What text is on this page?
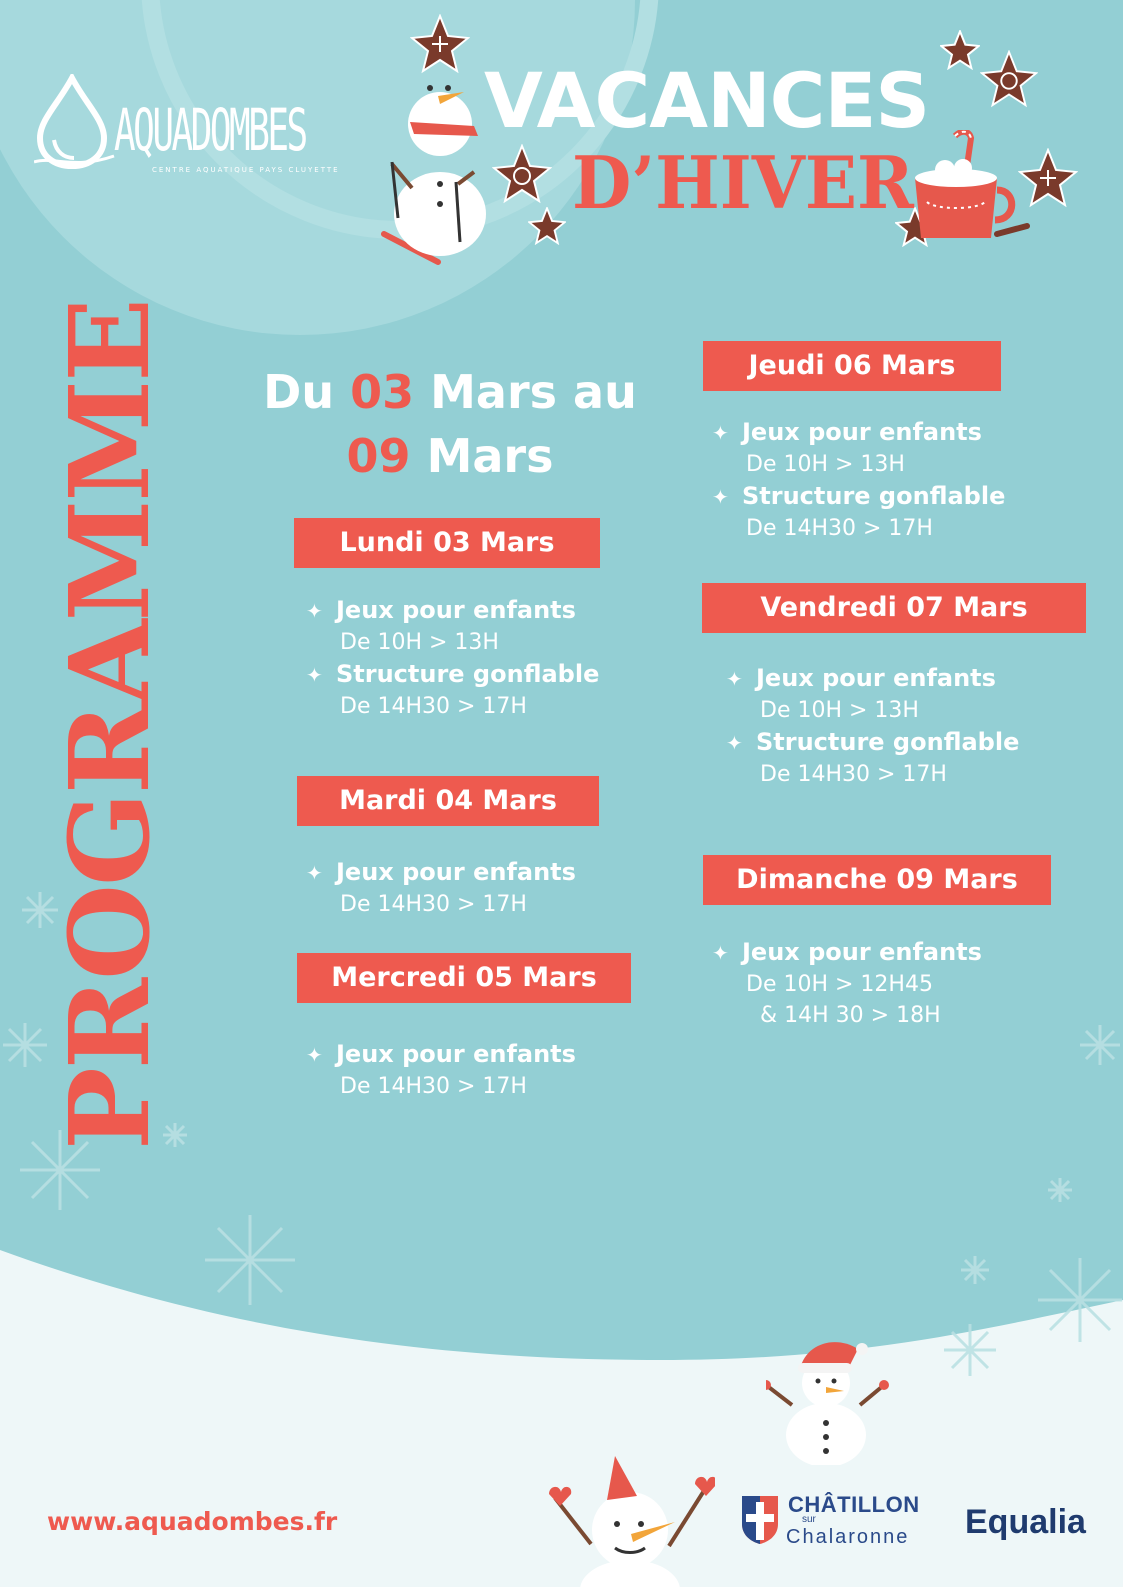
AQUADOMBES
CENTRE AQUATIQUE PAYS CLUYETTE
VACANCES
D’HIVER
PROGRAMME Du 03 Mars au
09 Mars
Lundi 03 Mars
✦ Jeux pour enfants
De 10H > 13H
✦ Structure gonflable
De 14H30 > 17H
Mardi 04 Mars
✦ Jeux pour enfants
De 14H30 > 17H
Mercredi 05 Mars
✦ Jeux pour enfants
De 14H30 > 17H
Jeudi 06 Mars
✦ Jeux pour enfants
De 10H > 13H
✦ Structure gonflable
De 14H30 > 17H
Vendredi 07 Mars
✦ Jeux pour enfants
De 10H > 13H
✦ Structure gonflable
De 14H30 > 17H
Dimanche 09 Mars
✦ Jeux pour enfants
De 10H > 12H45
& 14H 30 > 18H
www.aquadombes.fr
CHÂTILLON
sur
Chalaronne Equalia
